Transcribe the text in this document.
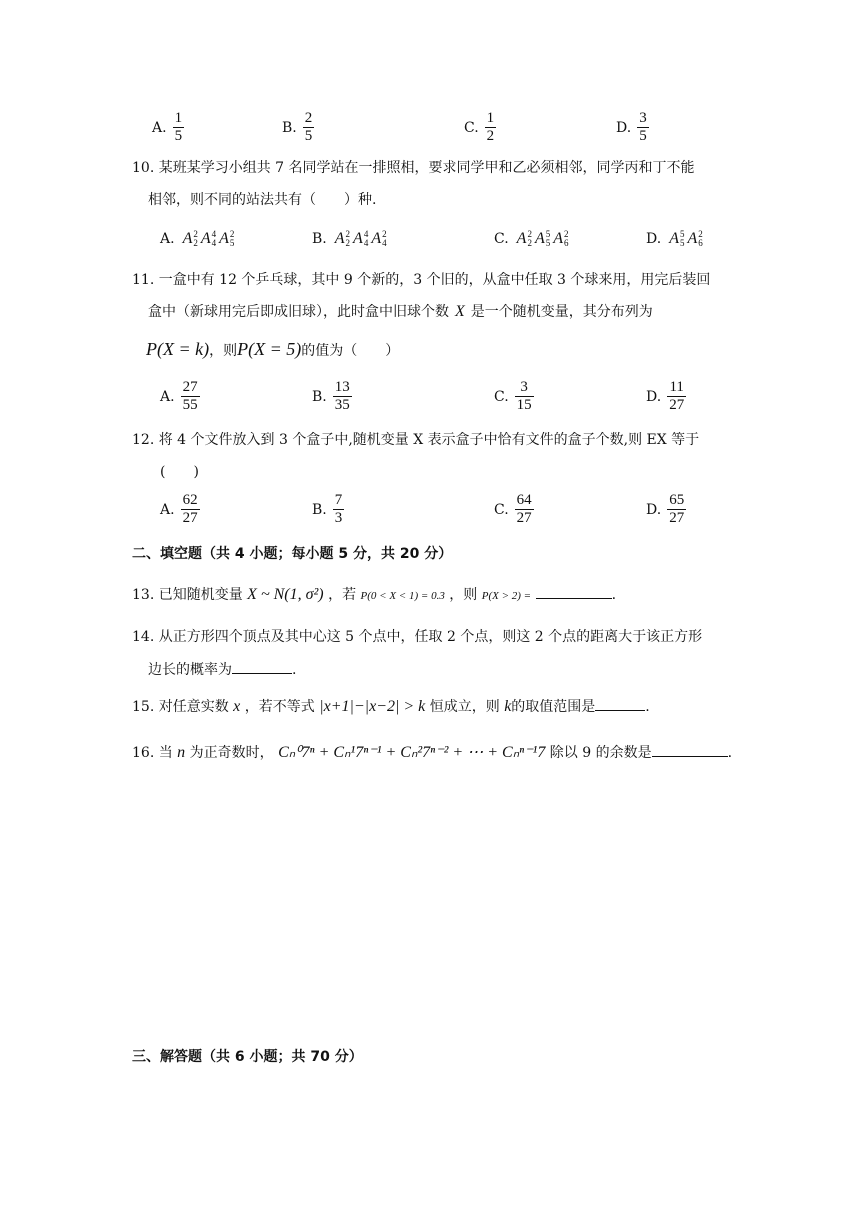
A. $\frac{1}{5}$	B. $\frac{2}{5}$	C. $\frac{1}{2}$	D. $\frac{3}{5}$
10. 某班某学习小组共 7 名同学站在一排照相，要求同学甲和乙必须相邻，同学丙和丁不能
相邻，则不同的站法共有（　　）种.
A. A 2
2 A 4
4 A 2
5	B. A 2
2 A 4
4 A 2
4	C. A 2
2 A 5
5 A 2
6	D. A 5
5 A 2
6
11. 一盒中有 12 个乒乓球，其中 9 个新的，3 个旧的，从盒中任取 3 个球来用，用完后装回
盒中（新球用完后即成旧球），此时盒中旧球个数 X 是一个随机变量，其分布列为
P(X = k)，则P(X = 5)的值为（　　）
A. $\frac{27}{55}$	B. $\frac{13}{35}$	C. $\frac{3}{15}$	D. $\frac{11}{27}$
12. 将 4 个文件放入到 3 个盒子中,随机变量 X 表示盒子中恰有文件的盒子个数,则 EX 等于
(　　)
A. $\frac{62}{27}$	B. $\frac{7}{3}$	C. $\frac{64}{27}$	D. $\frac{65}{27}$
二、填空题（共 4 小题；每小题 5 分，共 20 分）
13. 已知随机变量 X ~ N(1, σ²) ，若 P(0 < X < 1) = 0.3 ，则 P(X > 2) =	.
14. 从正方形四个顶点及其中心这 5 个点中，任取 2 个点，则这 2 个点的距离大于该正方形
边长的概率为	.
15. 对任意实数 x ，若不等式 |x+1|−|x−2| > k 恒成立，则 k的取值范围是	.
16. 当 n 为正奇数时， Cₙ⁰7ⁿ + Cₙ¹7ⁿ⁻¹ + Cₙ²7ⁿ⁻² + ⋯ + Cₙⁿ⁻¹7 除以 9 的余数是	.
三、解答题（共 6 小题；共 70 分）
